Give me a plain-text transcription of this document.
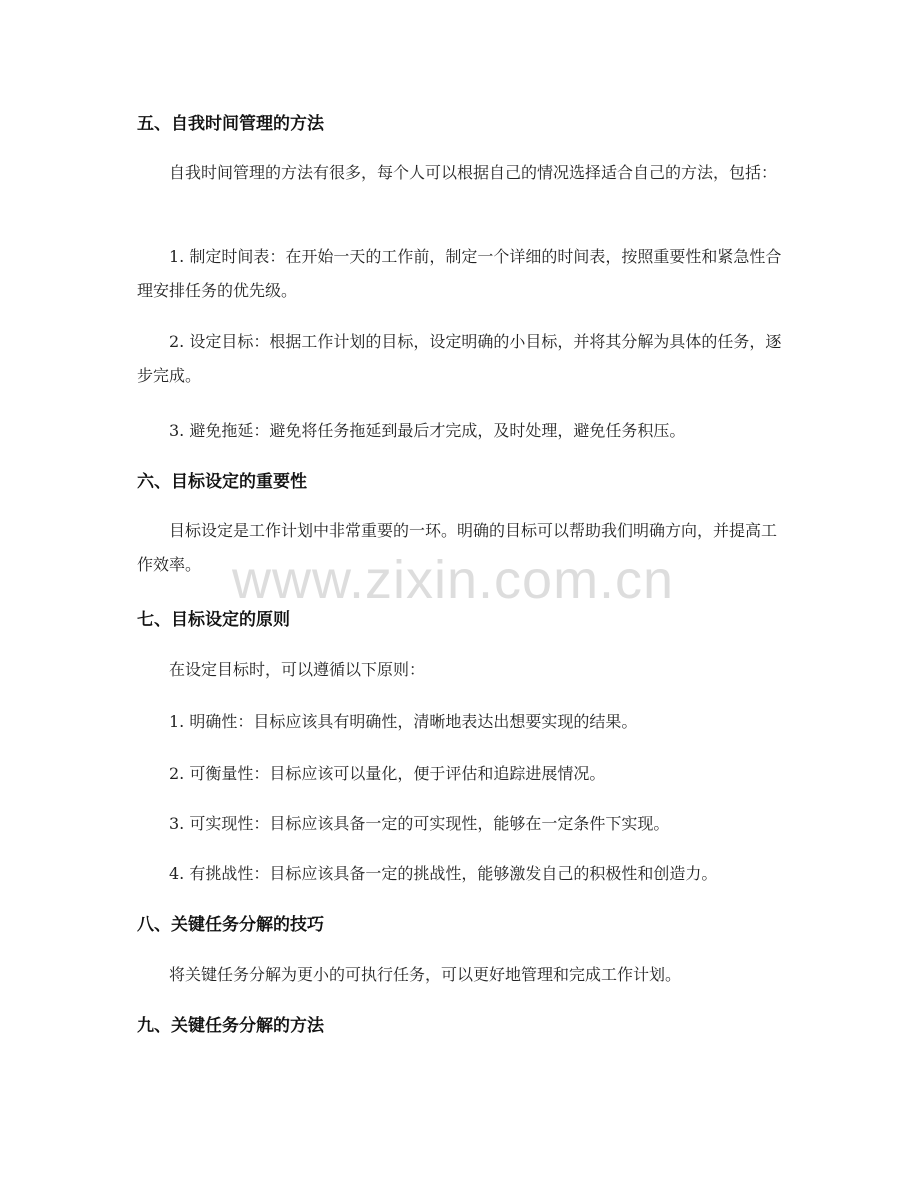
五、自我时间管理的方法

自我时间管理的方法有很多，每个人可以根据自己的情况选择适合自己的方法，包括：

1. 制定时间表：在开始一天的工作前，制定一个详细的时间表，按照重要性和紧急性合理安排任务的优先级。

2. 设定目标：根据工作计划的目标，设定明确的小目标，并将其分解为具体的任务，逐步完成。

3. 避免拖延：避免将任务拖延到最后才完成，及时处理，避免任务积压。

六、目标设定的重要性

目标设定是工作计划中非常重要的一环。明确的目标可以帮助我们明确方向，并提高工作效率。

七、目标设定的原则

在设定目标时，可以遵循以下原则：

1. 明确性：目标应该具有明确性，清晰地表达出想要实现的结果。

2. 可衡量性：目标应该可以量化，便于评估和追踪进展情况。

3. 可实现性：目标应该具备一定的可实现性，能够在一定条件下实现。

4. 有挑战性：目标应该具备一定的挑战性，能够激发自己的积极性和创造力。

八、关键任务分解的技巧

将关键任务分解为更小的可执行任务，可以更好地管理和完成工作计划。

九、关键任务分解的方法
www.zixin.com.cn
